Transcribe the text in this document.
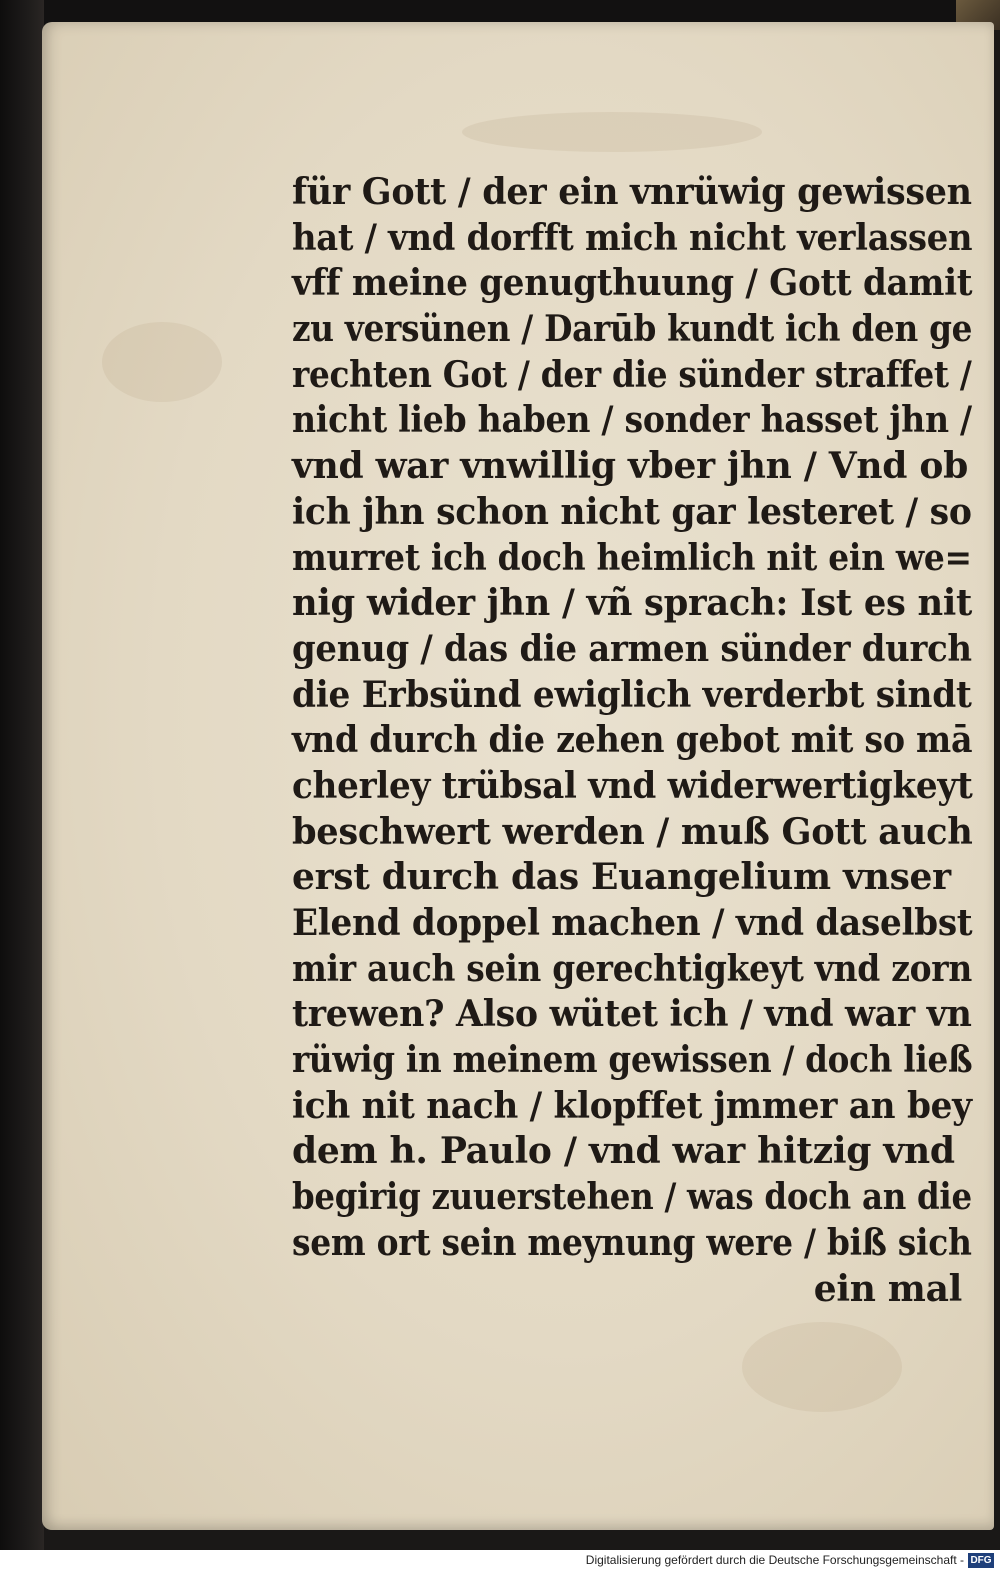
für Gott / der ein vnrüwig gewissen
hat / vnd dorfft mich nicht verlassen
vff meine genugthuung / Gott damit
zu versünen / Darūb kundt ich den ge
rechten Got / der die sünder straffet /
nicht lieb haben / sonder hasset jhn /
vnd war vnwillig vber jhn / Vnd ob
ich jhn schon nicht gar lesteret / so
murret ich doch heimlich nit ein we=
nig wider jhn / vñ sprach: Ist es nit
genug / das die armen sünder durch
die Erbsünd ewiglich verderbt sindt
vnd durch die zehen gebot mit so mā
cherley trübsal vnd widerwertigkeyt
beschwert werden / muß Gott auch
erst durch das Euangelium vnser
Elend doppel machen / vnd daselbst
mir auch sein gerechtigkeyt vnd zorn
trewen? Also wütet ich / vnd war vn
rüwig in meinem gewissen / doch ließ
ich nit nach / klopffet jmmer an bey
dem h. Paulo / vnd war hitzig vnd
begirig zuuerstehen / was doch an die
sem ort sein meynung were / biß sich
ein mal
Digitalisierung gefördert durch die Deutsche Forschungsgemeinschaft - DFG
